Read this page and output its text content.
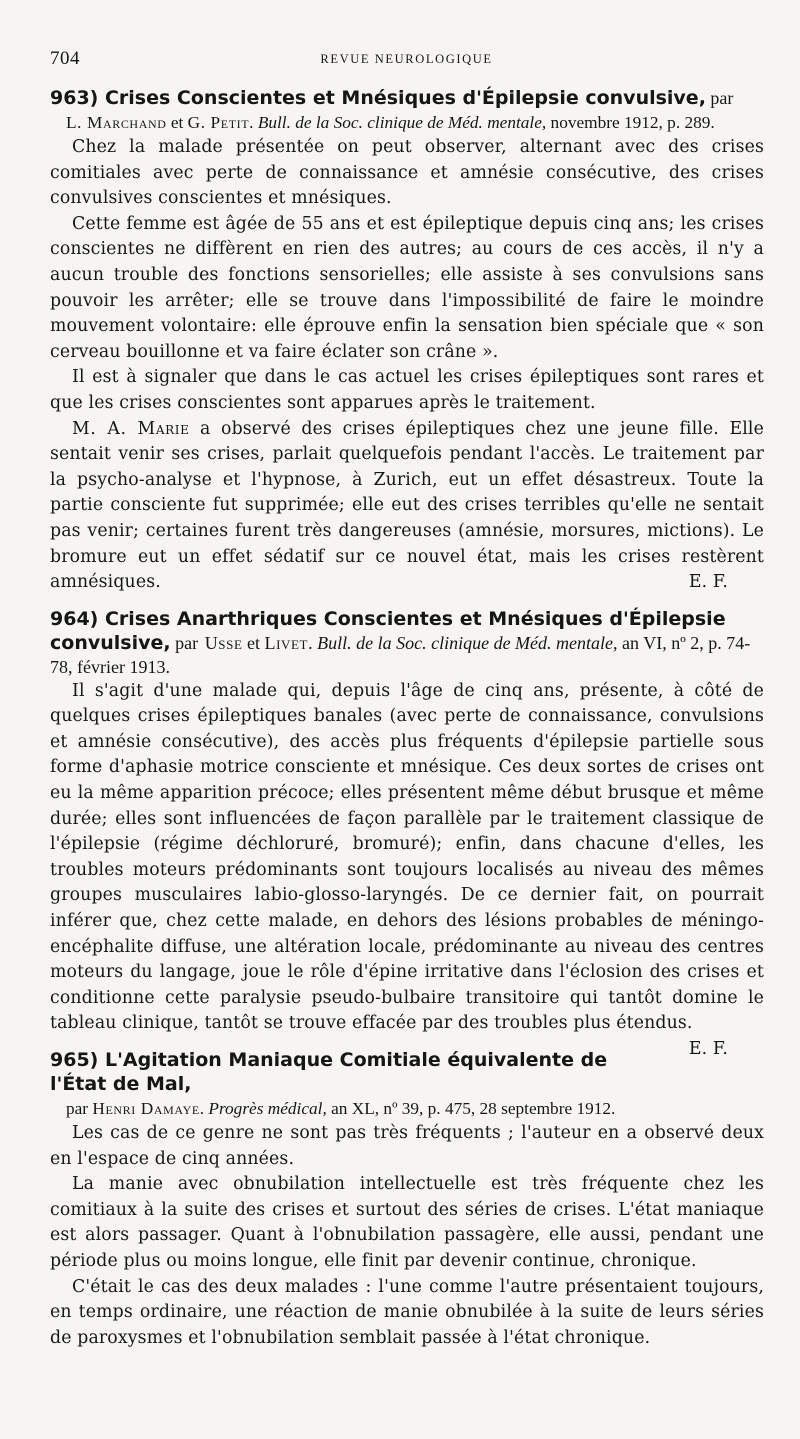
704	REVUE NEUROLOGIQUE
963) Crises Conscientes et Mnésiques d'Épilepsie convulsive, par
L. Marchand et G. Petit. Bull. de la Soc. clinique de Méd. mentale, novembre 1912, p. 289.

Chez la malade présentée on peut observer, alternant avec des crises comitiales avec perte de connaissance et amnésie consécutive, des crises convulsives conscientes et mnésiques.

Cette femme est âgée de 55 ans et est épileptique depuis cinq ans; les crises conscientes ne diffèrent en rien des autres; au cours de ces accès, il n'y a aucun trouble des fonctions sensorielles; elle assiste à ses convulsions sans pouvoir les arrêter; elle se trouve dans l'impossibilité de faire le moindre mouvement volontaire: elle éprouve enfin la sensation bien spéciale que « son cerveau bouillonne et va faire éclater son crâne ».

Il est à signaler que dans le cas actuel les crises épileptiques sont rares et que les crises conscientes sont apparues après le traitement.

M. A. Marie a observé des crises épileptiques chez une jeune fille. Elle sentait venir ses crises, parlait quelquefois pendant l'accès. Le traitement par la psycho-analyse et l'hypnose, à Zurich, eut un effet désastreux. Toute la partie consciente fut supprimée; elle eut des crises terribles qu'elle ne sentait pas venir; certaines furent très dangereuses (amnésie, morsures, mictions). Le bromure eut un effet sédatif sur ce nouvel état, mais les crises restèrent amnésiques.	E. F.

964) Crises Anarthriques Conscientes et Mnésiques d'Épilepsie convulsive, par Usse et Livet. Bull. de la Soc. clinique de Méd. mentale, an VI, nº 2, p. 74-78, février 1913.

Il s'agit d'une malade qui, depuis l'âge de cinq ans, présente, à côté de quelques crises épileptiques banales (avec perte de connaissance, convulsions et amnésie consécutive), des accès plus fréquents d'épilepsie partielle sous forme d'aphasie motrice consciente et mnésique. Ces deux sortes de crises ont eu la même apparition précoce; elles présentent même début brusque et même durée; elles sont influencées de façon parallèle par le traitement classique de l'épilepsie (régime déchloruré, bromuré); enfin, dans chacune d'elles, les troubles moteurs prédominants sont toujours localisés au niveau des mêmes groupes musculaires labio-glosso-laryngés. De ce dernier fait, on pourrait inférer que, chez cette malade, en dehors des lésions probables de méningo-encéphalite diffuse, une altération locale, prédominante au niveau des centres moteurs du langage, joue le rôle d'épine irritative dans l'éclosion des crises et conditionne cette paralysie pseudo-bulbaire transitoire qui tantôt domine le tableau clinique, tantôt se trouve effacée par des troubles plus étendus.
E. F.

965) L'Agitation Maniaque Comitiale équivalente de l'État de Mal,
par Henri Damaye. Progrès médical, an XL, nº 39, p. 475, 28 septembre 1912.

Les cas de ce genre ne sont pas très fréquents ; l'auteur en a observé deux en l'espace de cinq années.

La manie avec obnubilation intellectuelle est très fréquente chez les comitiaux à la suite des crises et surtout des séries de crises. L'état maniaque est alors passager. Quant à l'obnubilation passagère, elle aussi, pendant une période plus ou moins longue, elle finit par devenir continue, chronique.

C'était le cas des deux malades : l'une comme l'autre présentaient toujours, en temps ordinaire, une réaction de manie obnubilée à la suite de leurs séries de paroxysmes et l'obnubilation semblait passée à l'état chronique.
